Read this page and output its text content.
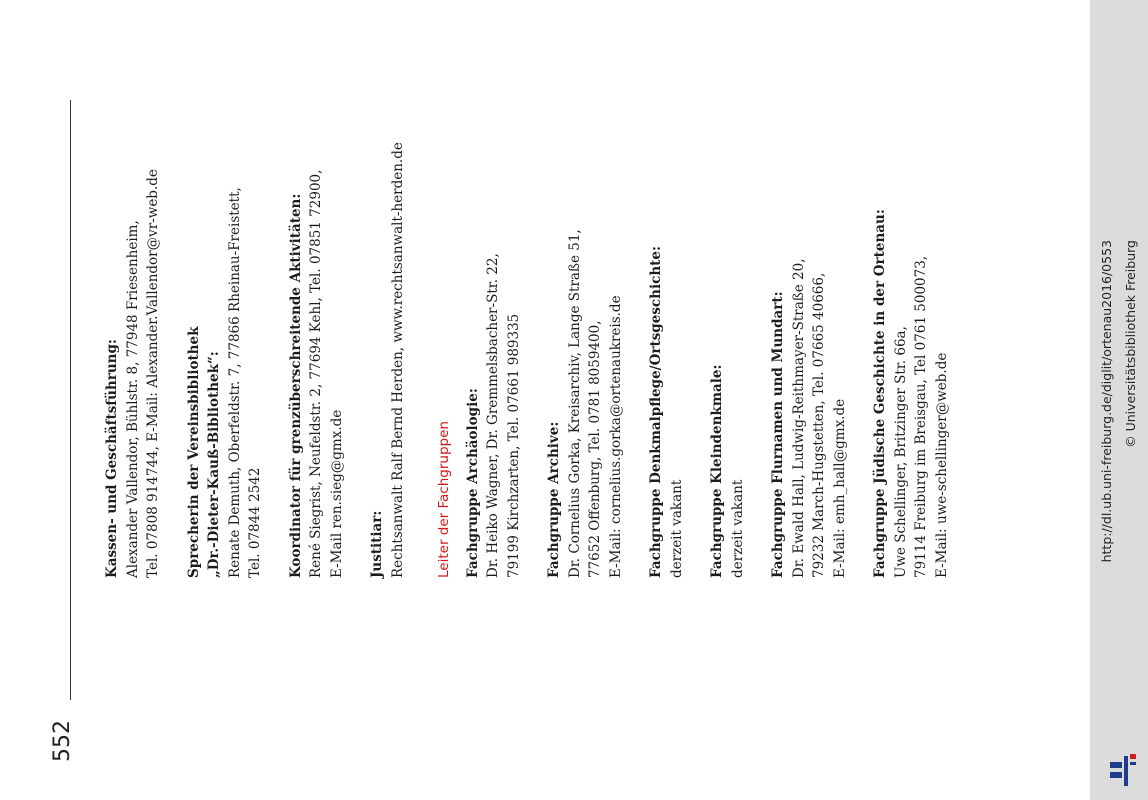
552
Kassen- und Geschäftsführung: Alexander Vallendor, Bühlstr. 8, 77948 Friesenheim, Tel. 07808 914744, E-Mail: Alexander.Vallendor@vr-web.de Sprecherin der Vereinsbibliothek „Dr.-Dieter-Kauß-Bibliothek“: Renate Demuth, Oberfeldstr. 7, 77866 Rheinau-Freistett, Tel. 07844 2542 Koordinator für grenzüberschreitende Aktivitäten: René Siegrist, Neufeldstr. 2, 77694 Kehl, Tel. 07851 72900, E-Mail ren.sieg@gmx.de Justitiar: Rechtsanwalt Ralf Bernd Herden, www.rechtsanwalt-herden.de	Leiter der Fachgruppen Fachgruppe Archäologie: Dr. Heiko Wagner, Dr. Gremmelsbacher-Str. 22, 79199 Kirchzarten, Tel. 07661 989335 Fachgruppe Archive: Dr. Cornelius Gorka, Kreisarchiv, Lange Straße 51, 77652 Offenburg, Tel. 0781 8059400, E-Mail: cornelius.gorka@ortenaukreis.de Fachgruppe Denkmalpflege/Ortsgeschichte: derzeit vakant Fachgruppe Kleindenkmale: derzeit vakant Fachgruppe Flurnamen und Mundart: Dr. Ewald Hall, Ludwig-Reithmayer-Straße 20, 79232 March-Hugstetten, Tel. 07665 40666, E-Mail: emh_hall@gmx.de Fachgruppe Jüdische Geschichte in der Ortenau: Uwe Schellinger, Britzinger Str. 66a, 79114 Freiburg im Breisgau, Tel 0761 500073, E-Mail: uwe-schellinger@web.de	http://dl.ub.uni-freiburg.de/diglit/ortenau2016/0553 © Universitätsbibliothek Freiburg
